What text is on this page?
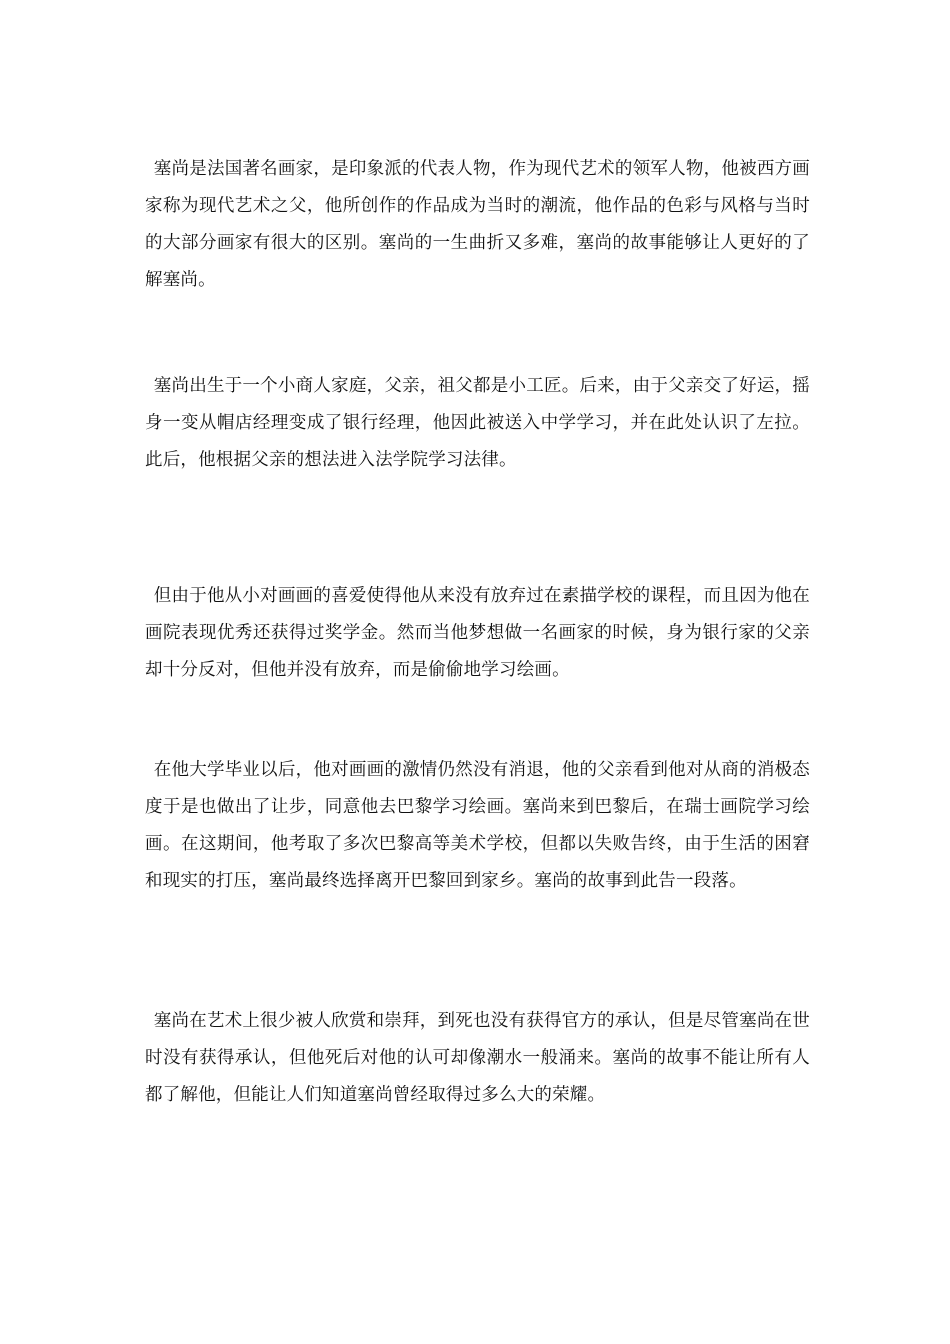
塞尚是法国著名画家，是印象派的代表人物，作为现代艺术的领军人物，他被西方画家称为现代艺术之父，他所创作的作品成为当时的潮流，他作品的色彩与风格与当时的大部分画家有很大的区别。塞尚的一生曲折又多难，塞尚的故事能够让人更好的了解塞尚。

塞尚出生于一个小商人家庭，父亲，祖父都是小工匠。后来，由于父亲交了好运，摇身一变从帽店经理变成了银行经理，他因此被送入中学学习，并在此处认识了左拉。此后，他根据父亲的想法进入法学院学习法律。

但由于他从小对画画的喜爱使得他从来没有放弃过在素描学校的课程，而且因为他在画院表现优秀还获得过奖学金。然而当他梦想做一名画家的时候，身为银行家的父亲却十分反对，但他并没有放弃，而是偷偷地学习绘画。

在他大学毕业以后，他对画画的激情仍然没有消退，他的父亲看到他对从商的消极态度于是也做出了让步，同意他去巴黎学习绘画。塞尚来到巴黎后，在瑞士画院学习绘画。在这期间，他考取了多次巴黎高等美术学校，但都以失败告终，由于生活的困窘和现实的打压，塞尚最终选择离开巴黎回到家乡。塞尚的故事到此告一段落。

塞尚在艺术上很少被人欣赏和崇拜，到死也没有获得官方的承认，但是尽管塞尚在世时没有获得承认，但他死后对他的认可却像潮水一般涌来。塞尚的故事不能让所有人都了解他，但能让人们知道塞尚曾经取得过多么大的荣耀。
